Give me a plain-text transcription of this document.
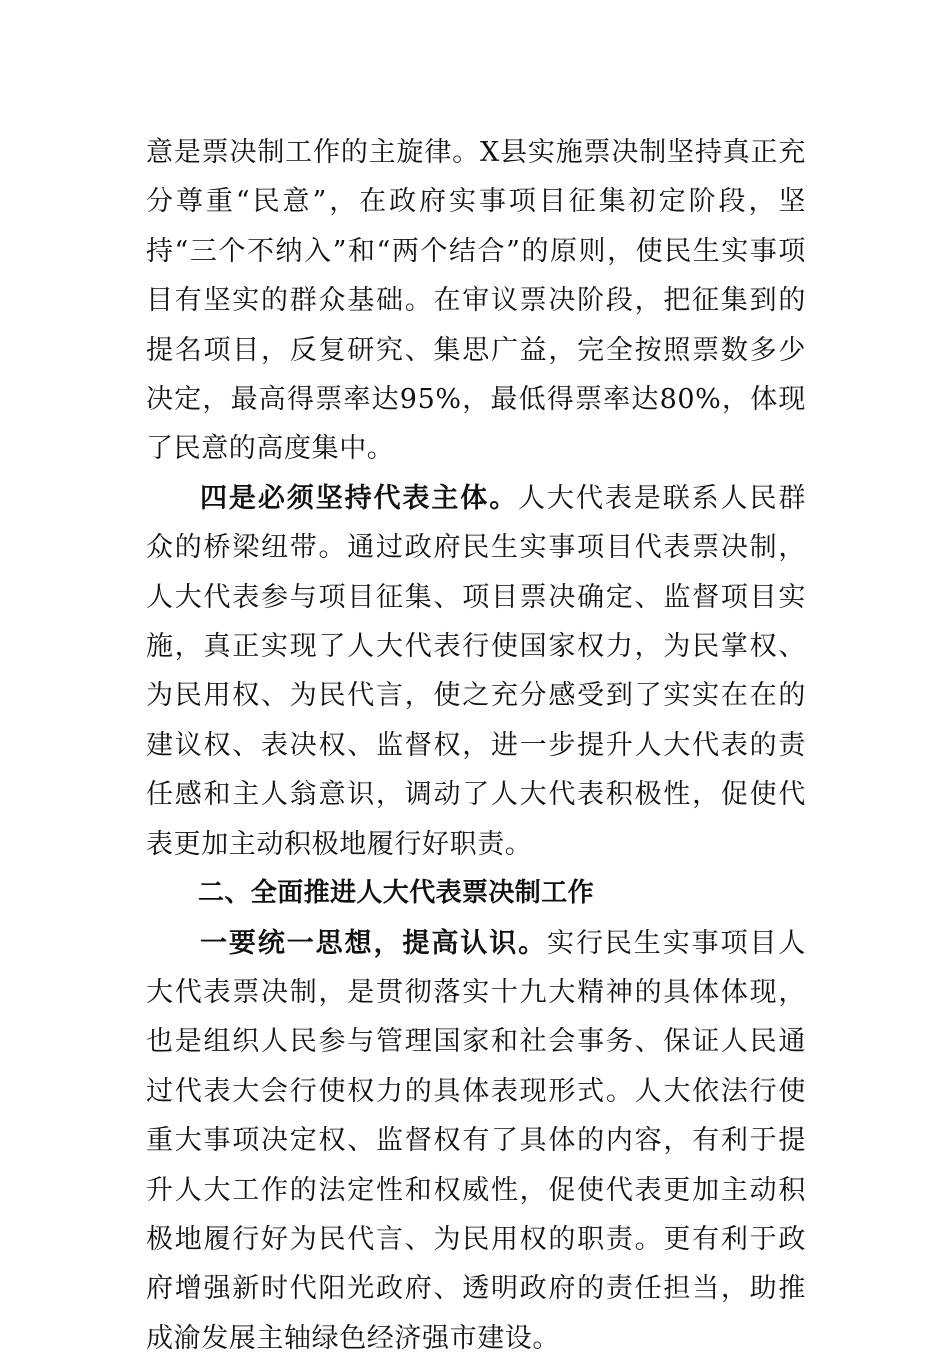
意是票决制工作的主旋律。X县实施票决制坚持真正充分尊重“民意”，在政府实事项目征集初定阶段，坚持“三个不纳入”和“两个结合”的原则，使民生实事项目有坚实的群众基础。在审议票决阶段，把征集到的提名项目，反复研究、集思广益，完全按照票数多少决定，最高得票率达95%，最低得票率达80%，体现了民意的高度集中。

四是必须坚持代表主体。人大代表是联系人民群众的桥梁纽带。通过政府民生实事项目代表票决制，人大代表参与项目征集、项目票决确定、监督项目实施，真正实现了人大代表行使国家权力，为民掌权、为民用权、为民代言，使之充分感受到了实实在在的建议权、表决权、监督权，进一步提升人大代表的责任感和主人翁意识，调动了人大代表积极性，促使代表更加主动积极地履行好职责。

二、全面推进人大代表票决制工作

一要统一思想，提高认识。实行民生实事项目人大代表票决制，是贯彻落实十九大精神的具体体现，也是组织人民参与管理国家和社会事务、保证人民通过代表大会行使权力的具体表现形式。人大依法行使重大事项决定权、监督权有了具体的内容，有利于提升人大工作的法定性和权威性，促使代表更加主动积极地履行好为民代言、为民用权的职责。更有利于政府增强新时代阳光政府、透明政府的责任担当，助推成渝发展主轴绿色经济强市建设。
